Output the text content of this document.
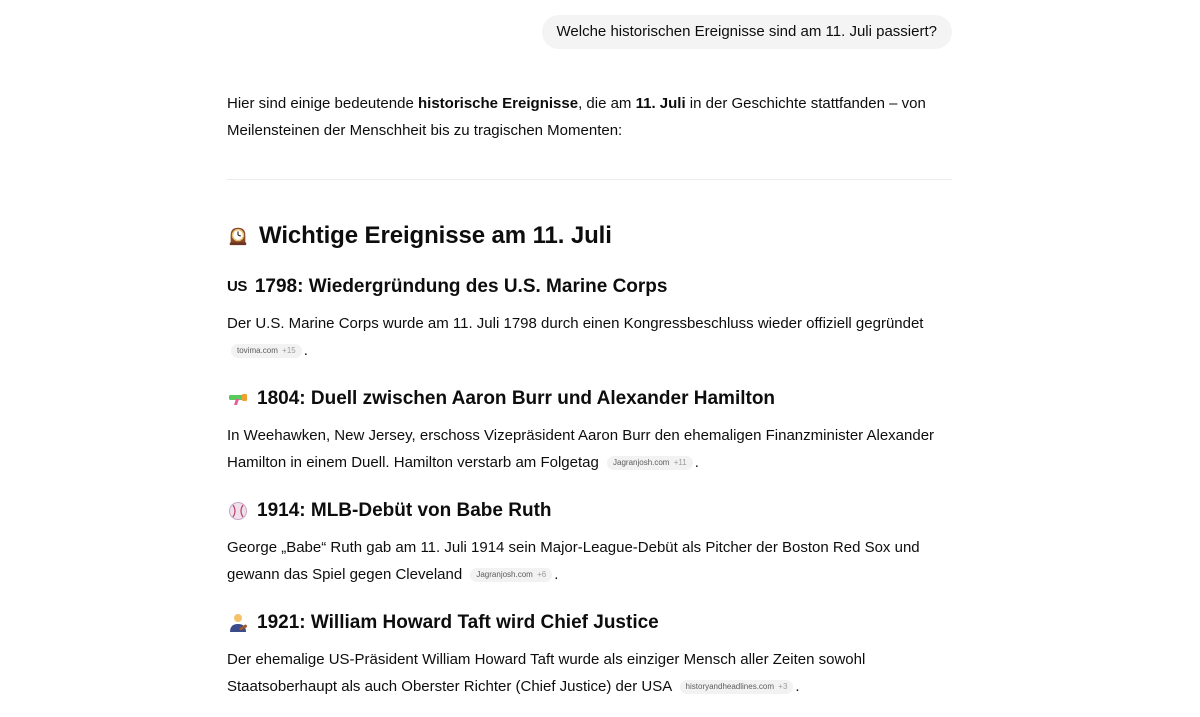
Welche historischen Ereignisse sind am 11. Juli passiert?

Hier sind einige bedeutende historische Ereignisse, die am 11. Juli in der Geschichte stattfanden – von Meilensteinen der Menschheit bis zu tragischen Momenten:

Wichtige Ereignisse am 11. Juli
US 1798: Wiedergründung des U.S. Marine Corps

Der U.S. Marine Corps wurde am 11. Juli 1798 durch einen Kongressbeschluss wieder offiziell gegründet
tovima.com +15 .

1804: Duell zwischen Aaron Burr und Alexander Hamilton

In Weehawken, New Jersey, erschoss Vizepräsident Aaron Burr den ehemaligen Finanzminister Alexander Hamilton in einem Duell. Hamilton verstarb am Folgetag Jagranjosh.com +11 .

1914: MLB-Debüt von Babe Ruth

George „Babe“ Ruth gab am 11. Juli 1914 sein Major-League-Debüt als Pitcher der Boston Red Sox und gewann das Spiel gegen Cleveland Jagranjosh.com +6 .

1921: William Howard Taft wird Chief Justice

Der ehemalige US-Präsident William Howard Taft wurde als einziger Mensch aller Zeiten sowohl Staatsoberhaupt als auch Oberster Richter (Chief Justice) der USA historyandheadlines.com +3 .
